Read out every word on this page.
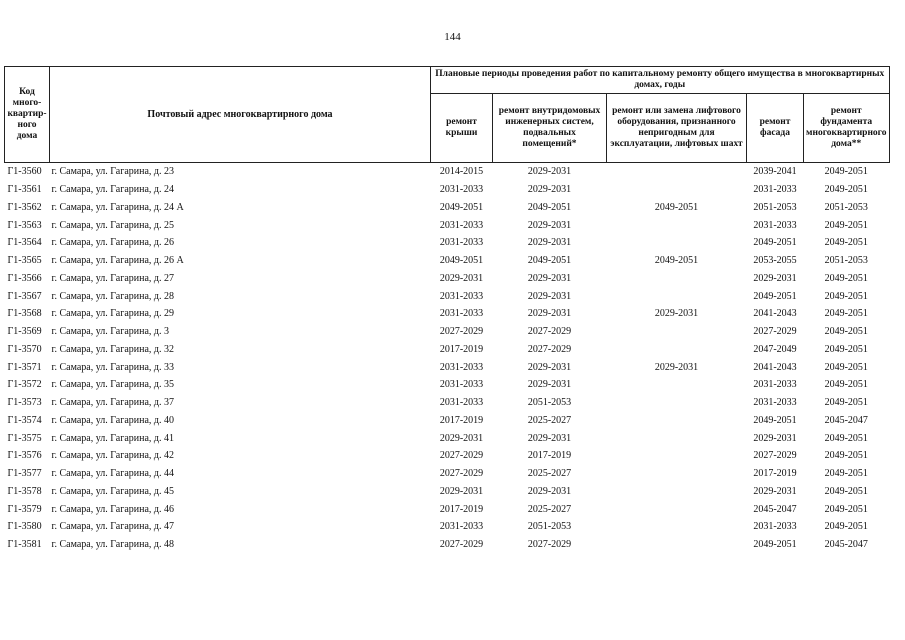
144
Код много-квартир-ного дома	Почтовый адрес многоквартирного дома	Плановые периоды проведения работ по капитальному ремонту общего имущества в многоквартирных домах, годы				
		ремонт крыши	ремонт внутридомовых инженерных систем, подвальных помещений*	ремонт или замена лифтового оборудования, признанного непригодным для эксплуатации, лифтовых шахт	ремонт фасада	ремонт фундамента многоквартирного дома**
Г1-3560	г. Самара, ул. Гагарина, д. 23	2014-2015	2029-2031		2039-2041	2049-2051
Г1-3561	г. Самара, ул. Гагарина, д. 24	2031-2033	2029-2031		2031-2033	2049-2051
Г1-3562	г. Самара, ул. Гагарина, д. 24 А	2049-2051	2049-2051	2049-2051	2051-2053	2051-2053
Г1-3563	г. Самара, ул. Гагарина, д. 25	2031-2033	2029-2031		2031-2033	2049-2051
Г1-3564	г. Самара, ул. Гагарина, д. 26	2031-2033	2029-2031		2049-2051	2049-2051
Г1-3565	г. Самара, ул. Гагарина, д. 26 А	2049-2051	2049-2051	2049-2051	2053-2055	2051-2053
Г1-3566	г. Самара, ул. Гагарина, д. 27	2029-2031	2029-2031		2029-2031	2049-2051
Г1-3567	г. Самара, ул. Гагарина, д. 28	2031-2033	2029-2031		2049-2051	2049-2051
Г1-3568	г. Самара, ул. Гагарина, д. 29	2031-2033	2029-2031	2029-2031	2041-2043	2049-2051
Г1-3569	г. Самара, ул. Гагарина, д. 3	2027-2029	2027-2029		2027-2029	2049-2051
Г1-3570	г. Самара, ул. Гагарина, д. 32	2017-2019	2027-2029		2047-2049	2049-2051
Г1-3571	г. Самара, ул. Гагарина, д. 33	2031-2033	2029-2031	2029-2031	2041-2043	2049-2051
Г1-3572	г. Самара, ул. Гагарина, д. 35	2031-2033	2029-2031		2031-2033	2049-2051
Г1-3573	г. Самара, ул. Гагарина, д. 37	2031-2033	2051-2053		2031-2033	2049-2051
Г1-3574	г. Самара, ул. Гагарина, д. 40	2017-2019	2025-2027		2049-2051	2045-2047
Г1-3575	г. Самара, ул. Гагарина, д. 41	2029-2031	2029-2031		2029-2031	2049-2051
Г1-3576	г. Самара, ул. Гагарина, д. 42	2027-2029	2017-2019		2027-2029	2049-2051
Г1-3577	г. Самара, ул. Гагарина, д. 44	2027-2029	2025-2027		2017-2019	2049-2051
Г1-3578	г. Самара, ул. Гагарина, д. 45	2029-2031	2029-2031		2029-2031	2049-2051
Г1-3579	г. Самара, ул. Гагарина, д. 46	2017-2019	2025-2027		2045-2047	2049-2051
Г1-3580	г. Самара, ул. Гагарина, д. 47	2031-2033	2051-2053		2031-2033	2049-2051
Г1-3581	г. Самара, ул. Гагарина, д. 48	2027-2029	2027-2029		2049-2051	2045-2047
